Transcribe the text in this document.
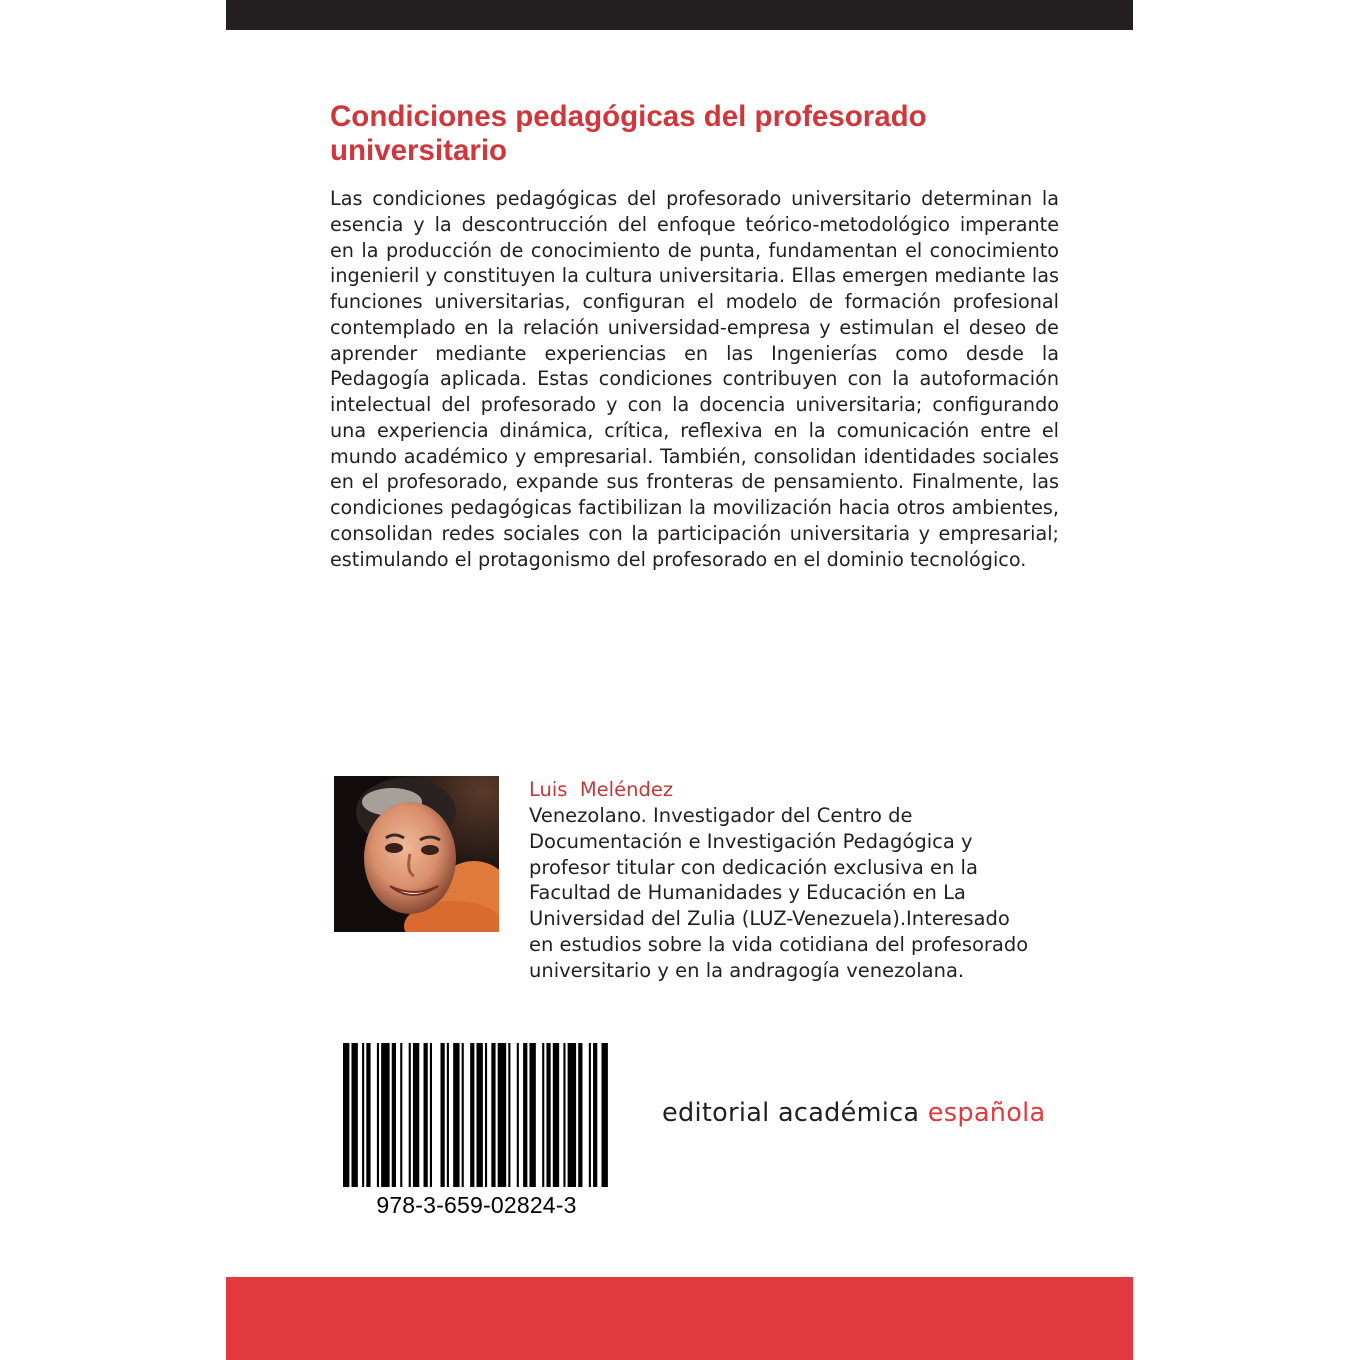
Condiciones pedagógicas del profesorado universitario

Las condiciones pedagógicas del profesorado universitario determinan la esencia y la descontrucción del enfoque teórico-metodológico imperante en la producción de conocimiento de punta, fundamentan el conocimiento ingenieril y constituyen la cultura universitaria. Ellas emergen mediante las funciones universitarias, configuran el modelo de formación profesional contemplado en la relación universidad-empresa y estimulan el deseo de aprender mediante experiencias en las Ingenierías como desde la Pedagogía aplicada. Estas condiciones contribuyen con la autoformación intelectual del profesorado y con la docencia universitaria; configurando una experiencia dinámica, crítica, reflexiva en la comunicación entre el mundo académico y empresarial. También, consolidan identidades sociales en el profesorado, expande sus fronteras de pensamiento. Finalmente, las condiciones pedagógicas factibilizan la movilización hacia otros ambientes, consolidan redes sociales con la participación universitaria y empresarial; estimulando el protagonismo del profesorado en el dominio tecnológico.

Luis  Meléndez
Venezolano. Investigador del Centro de
Documentación e Investigación Pedagógica y
profesor titular con dedicación exclusiva en la
Facultad de Humanidades y Educación en La
Universidad del Zulia (LUZ-Venezuela).Interesado
en estudios sobre la vida cotidiana del profesorado
universitario y en la andragogía venezolana.
978-3-659-02824-3
editorial académica española
